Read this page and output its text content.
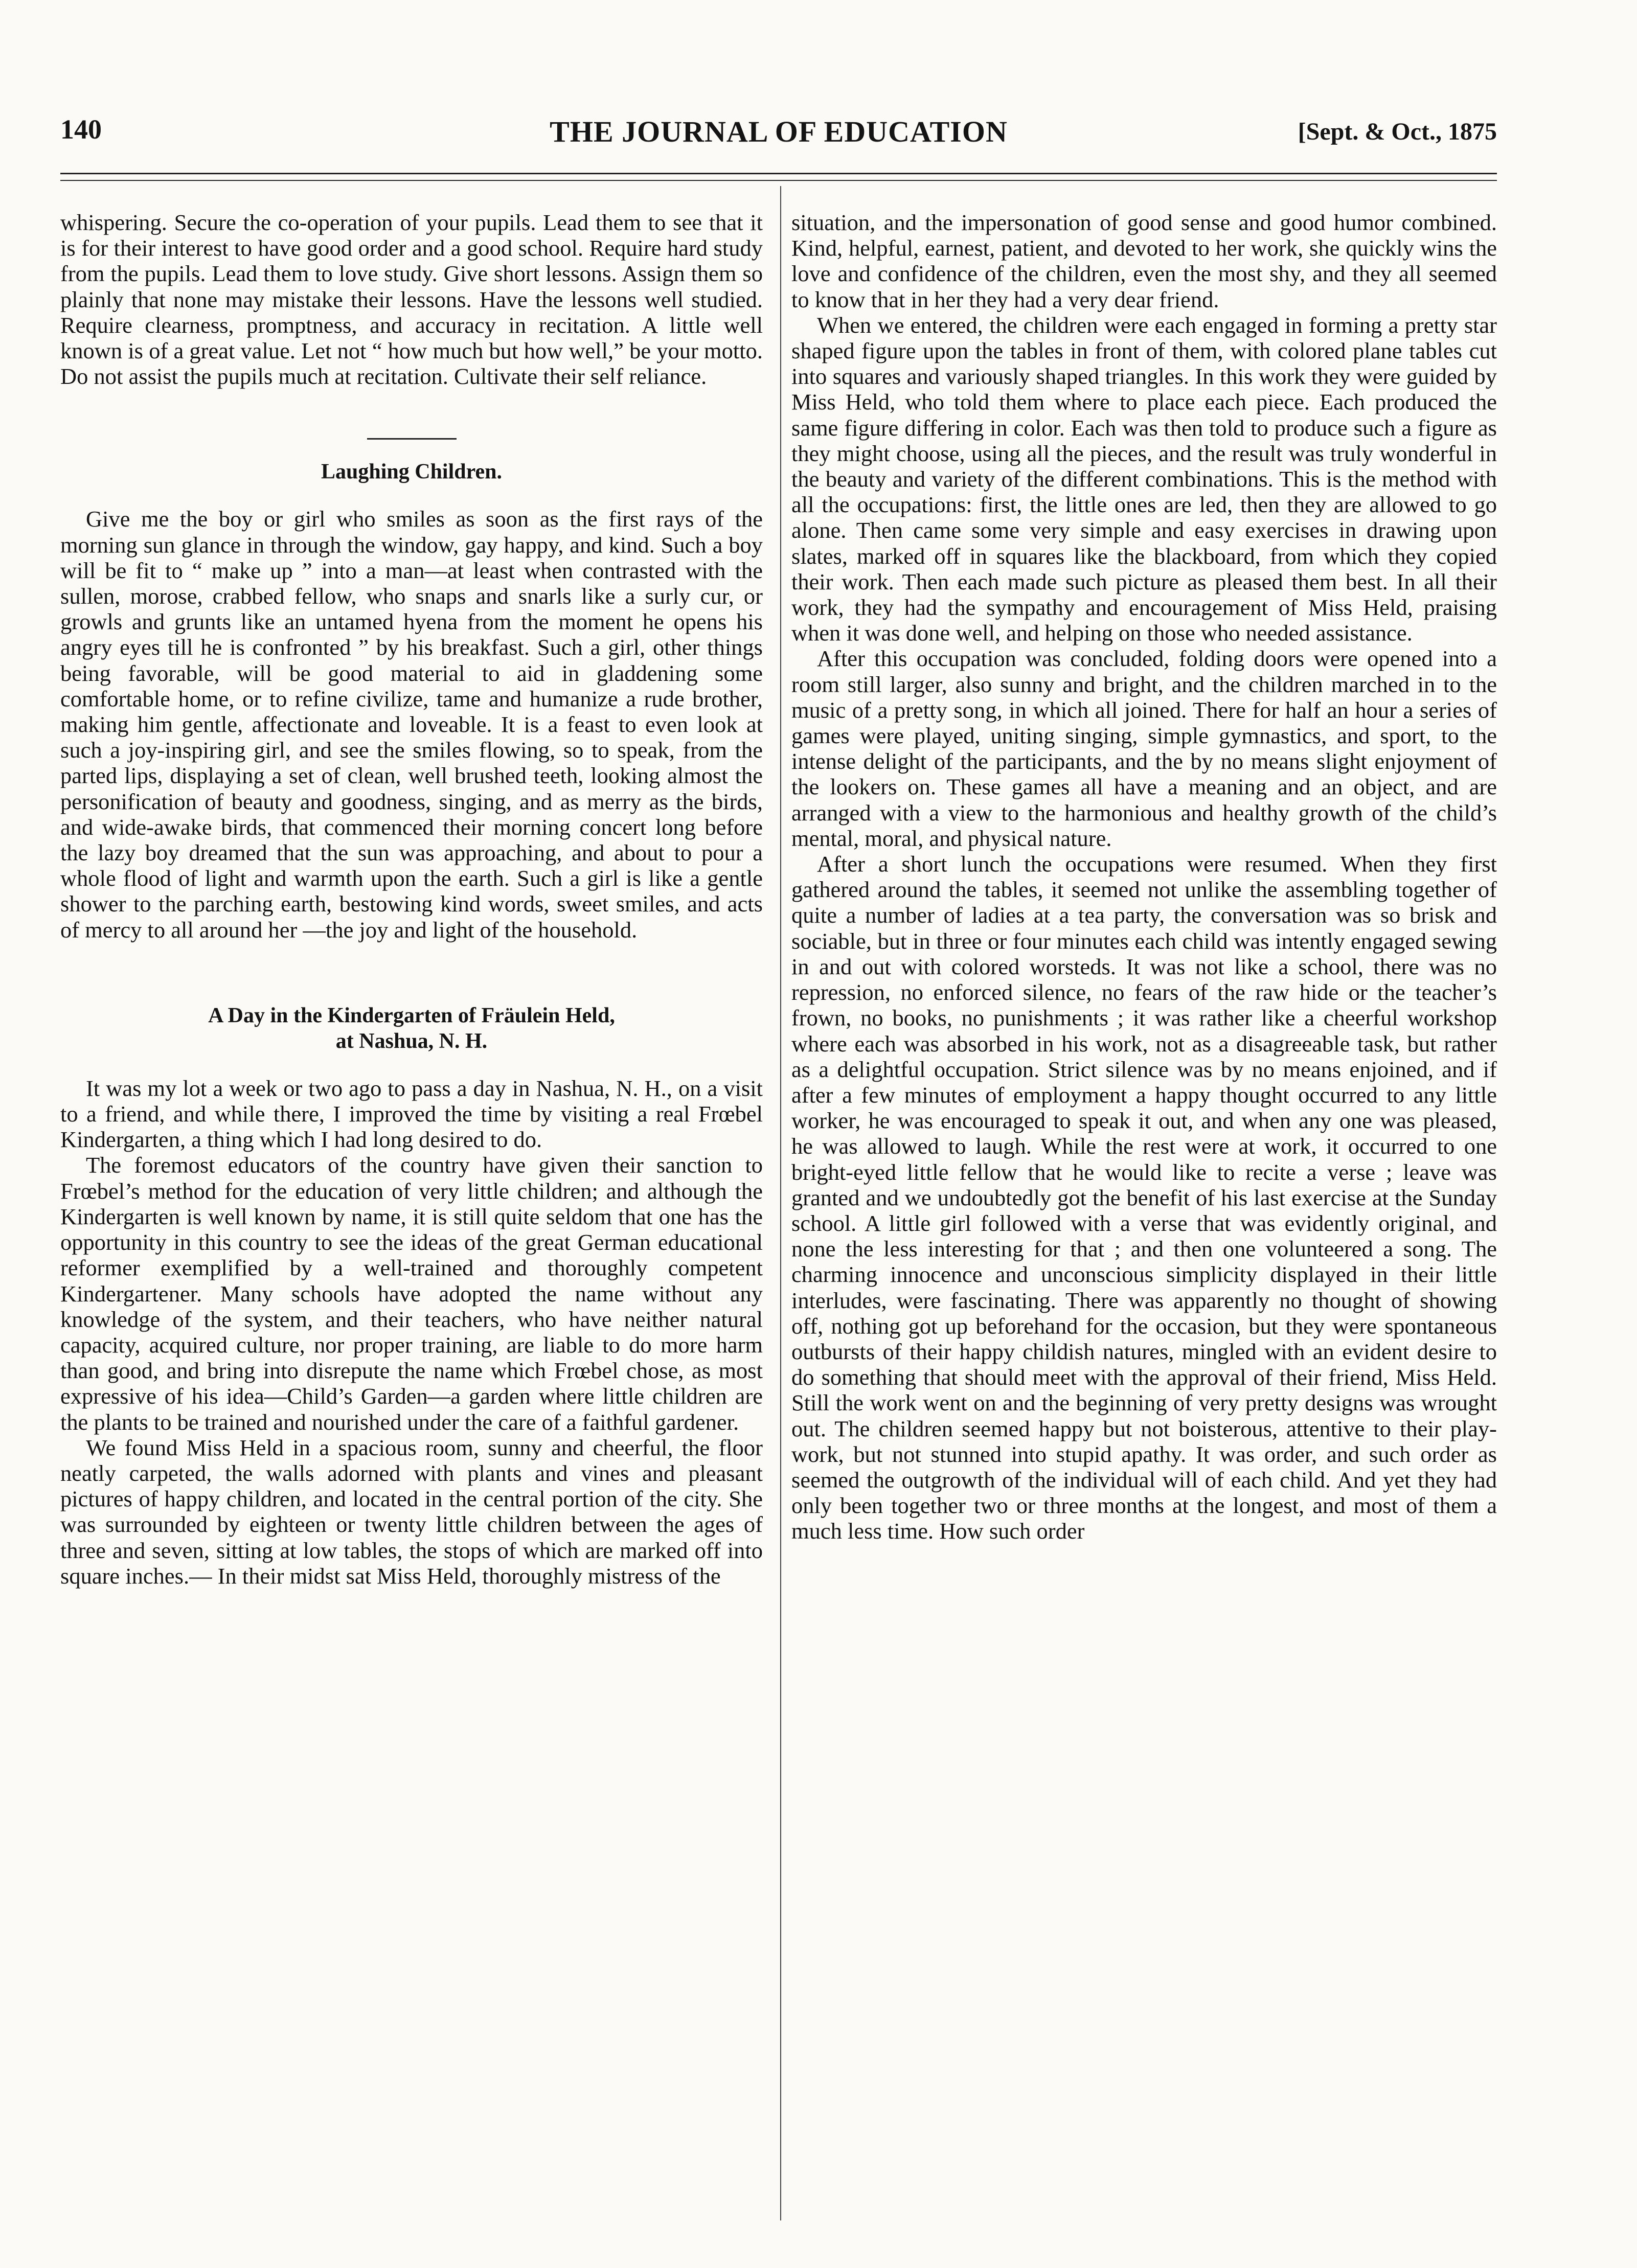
140	THE JOURNAL OF EDUCATION	[Sept. & Oct., 1875

whispering. Secure the co-operation of your pupils. Lead them to see that it is for their interest to have good order and a good school. Require hard study from the pupils. Lead them to love study. Give short lessons. Assign them so plainly that none may mistake their lessons. Have the lessons well studied. Require clearness, promptness, and accuracy in recitation. A little well known is of a great value. Let not “ how much but how well,” be your motto. Do not assist the pupils much at recitation. Cultivate their self reliance.

Laughing Children.

Give me the boy or girl who smiles as soon as the first rays of the morning sun glance in through the window, gay happy, and kind. Such a boy will be fit to “ make up ” into a man—at least when contrasted with the sullen, morose, crabbed fellow, who snaps and snarls like a surly cur, or growls and grunts like an untamed hyena from the moment he opens his angry eyes till he is confronted ” by his breakfast. Such a girl, other things being favorable, will be good material to aid in gladdening some comfortable home, or to refine civilize, tame and humanize a rude brother, making him gentle, affectionate and loveable. It is a feast to even look at such a joy-inspiring girl, and see the smiles flowing, so to speak, from the parted lips, displaying a set of clean, well brushed teeth, looking almost the personification of beauty and goodness, singing, and as merry as the birds, and wide-awake birds, that commenced their morning concert long before the lazy boy dreamed that the sun was approaching, and about to pour a whole flood of light and warmth upon the earth. Such a girl is like a gentle shower to the parching earth, bestowing kind words, sweet smiles, and acts of mercy to all around her —the joy and light of the household.

A Day in the Kindergarten of Fräulein Held,
at Nashua, N. H.

It was my lot a week or two ago to pass a day in Nashua, N. H., on a visit to a friend, and while there, I improved the time by visiting a real Frœbel Kindergarten, a thing which I had long desired to do.

The foremost educators of the country have given their sanction to Frœbel’s method for the education of very little children; and although the Kindergarten is well known by name, it is still quite seldom that one has the opportunity in this country to see the ideas of the great German educational reformer exemplified by a well-trained and thoroughly competent Kindergartener. Many schools have adopted the name without any knowledge of the system, and their teachers, who have neither natural capacity, acquired culture, nor proper training, are liable to do more harm than good, and bring into disrepute the name which Frœbel chose, as most expressive of his idea—Child’s Garden—a garden where little children are the plants to be trained and nourished under the care of a faithful gardener.

We found Miss Held in a spacious room, sunny and cheerful, the floor neatly carpeted, the walls adorned with plants and vines and pleasant pictures of happy children, and located in the central portion of the city. She was surrounded by eighteen or twenty little children between the ages of three and seven, sitting at low tables, the stops of which are marked off into square inches.— In their midst sat Miss Held, thoroughly mistress of the

situation, and the impersonation of good sense and good humor combined. Kind, helpful, earnest, patient, and devoted to her work, she quickly wins the love and confidence of the children, even the most shy, and they all seemed to know that in her they had a very dear friend.

When we entered, the children were each engaged in forming a pretty star shaped figure upon the tables in front of them, with colored plane tables cut into squares and variously shaped triangles. In this work they were guided by Miss Held, who told them where to place each piece. Each produced the same figure differing in color. Each was then told to produce such a figure as they might choose, using all the pieces, and the result was truly wonderful in the beauty and variety of the different combinations. This is the method with all the occupations: first, the little ones are led, then they are allowed to go alone. Then came some very simple and easy exercises in drawing upon slates, marked off in squares like the blackboard, from which they copied their work. Then each made such picture as pleased them best. In all their work, they had the sympathy and encouragement of Miss Held, praising when it was done well, and helping on those who needed assistance.

After this occupation was concluded, folding doors were opened into a room still larger, also sunny and bright, and the children marched in to the music of a pretty song, in which all joined. There for half an hour a series of games were played, uniting singing, simple gymnastics, and sport, to the intense delight of the participants, and the by no means slight enjoyment of the lookers on. These games all have a meaning and an object, and are arranged with a view to the harmonious and healthy growth of the child’s mental, moral, and physical nature.

After a short lunch the occupations were resumed. When they first gathered around the tables, it seemed not unlike the assembling together of quite a number of ladies at a tea party, the conversation was so brisk and sociable, but in three or four minutes each child was intently engaged sewing in and out with colored worsteds. It was not like a school, there was no repression, no enforced silence, no fears of the raw hide or the teacher’s frown, no books, no punishments ; it was rather like a cheerful workshop where each was absorbed in his work, not as a disagreeable task, but rather as a delightful occupation. Strict silence was by no means enjoined, and if after a few minutes of employment a happy thought occurred to any little worker, he was encouraged to speak it out, and when any one was pleased, he was allowed to laugh. While the rest were at work, it occurred to one bright-eyed little fellow that he would like to recite a verse ; leave was granted and we undoubtedly got the benefit of his last exercise at the Sunday school. A little girl followed with a verse that was evidently original, and none the less interesting for that ; and then one volunteered a song. The charming innocence and unconscious simplicity displayed in their little interludes, were fascinating. There was apparently no thought of showing off, nothing got up beforehand for the occasion, but they were spontaneous outbursts of their happy childish natures, mingled with an evident desire to do something that should meet with the approval of their friend, Miss Held. Still the work went on and the beginning of very pretty designs was wrought out. The children seemed happy but not boisterous, attentive to their play-work, but not stunned into stupid apathy. It was order, and such order as seemed the outgrowth of the individual will of each child. And yet they had only been together two or three months at the longest, and most of them a much less time. How such order
